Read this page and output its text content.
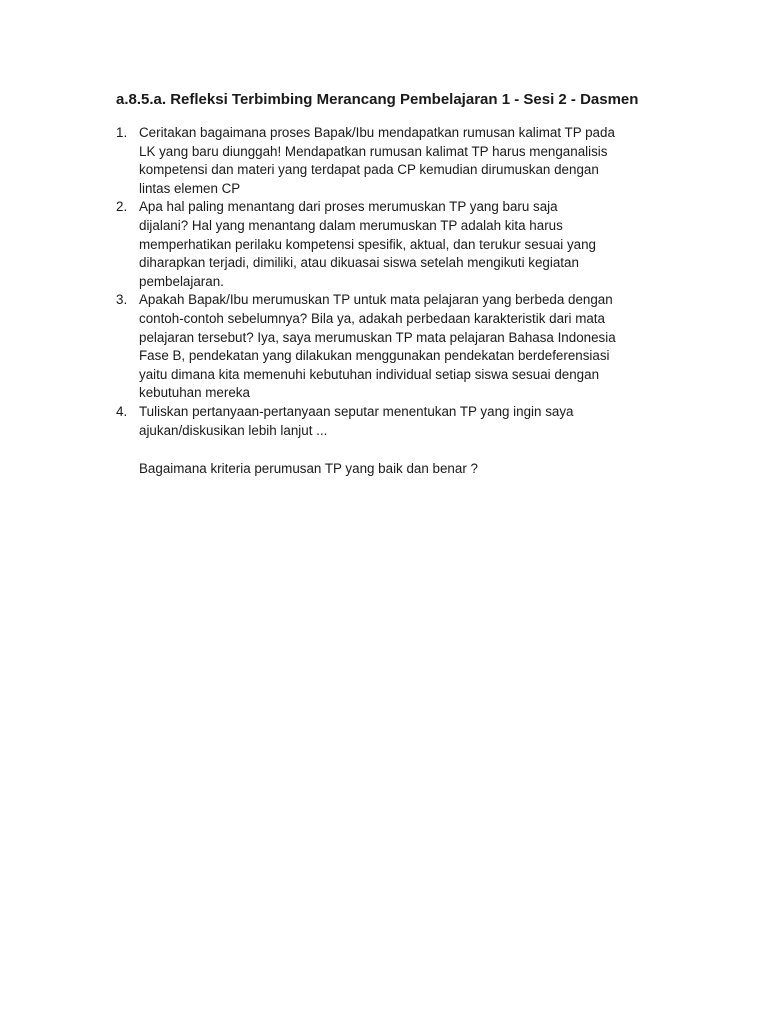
a.8.5.a. Refleksi Terbimbing Merancang Pembelajaran 1 - Sesi 2 - Dasmen
1. Ceritakan bagaimana proses Bapak/Ibu mendapatkan rumusan kalimat TP pada
LK yang baru diunggah! Mendapatkan rumusan kalimat TP harus menganalisis
kompetensi dan materi yang terdapat pada CP kemudian dirumuskan dengan
lintas elemen CP
2. Apa hal paling menantang dari proses merumuskan TP yang baru saja
dijalani? Hal yang menantang dalam merumuskan TP adalah kita harus
memperhatikan perilaku kompetensi spesifik, aktual, dan terukur sesuai yang
diharapkan terjadi, dimiliki, atau dikuasai siswa setelah mengikuti kegiatan
pembelajaran.
3. Apakah Bapak/Ibu merumuskan TP untuk mata pelajaran yang berbeda dengan
contoh-contoh sebelumnya? Bila ya, adakah perbedaan karakteristik dari mata
pelajaran tersebut? Iya, saya merumuskan TP mata pelajaran Bahasa Indonesia
Fase B, pendekatan yang dilakukan menggunakan pendekatan berdeferensiasi
yaitu dimana kita memenuhi kebutuhan individual setiap siswa sesuai dengan
kebutuhan mereka
4. Tuliskan pertanyaan-pertanyaan seputar menentukan TP yang ingin saya
ajukan/diskusikan lebih lanjut ...

Bagaimana kriteria perumusan TP yang baik dan benar ?
